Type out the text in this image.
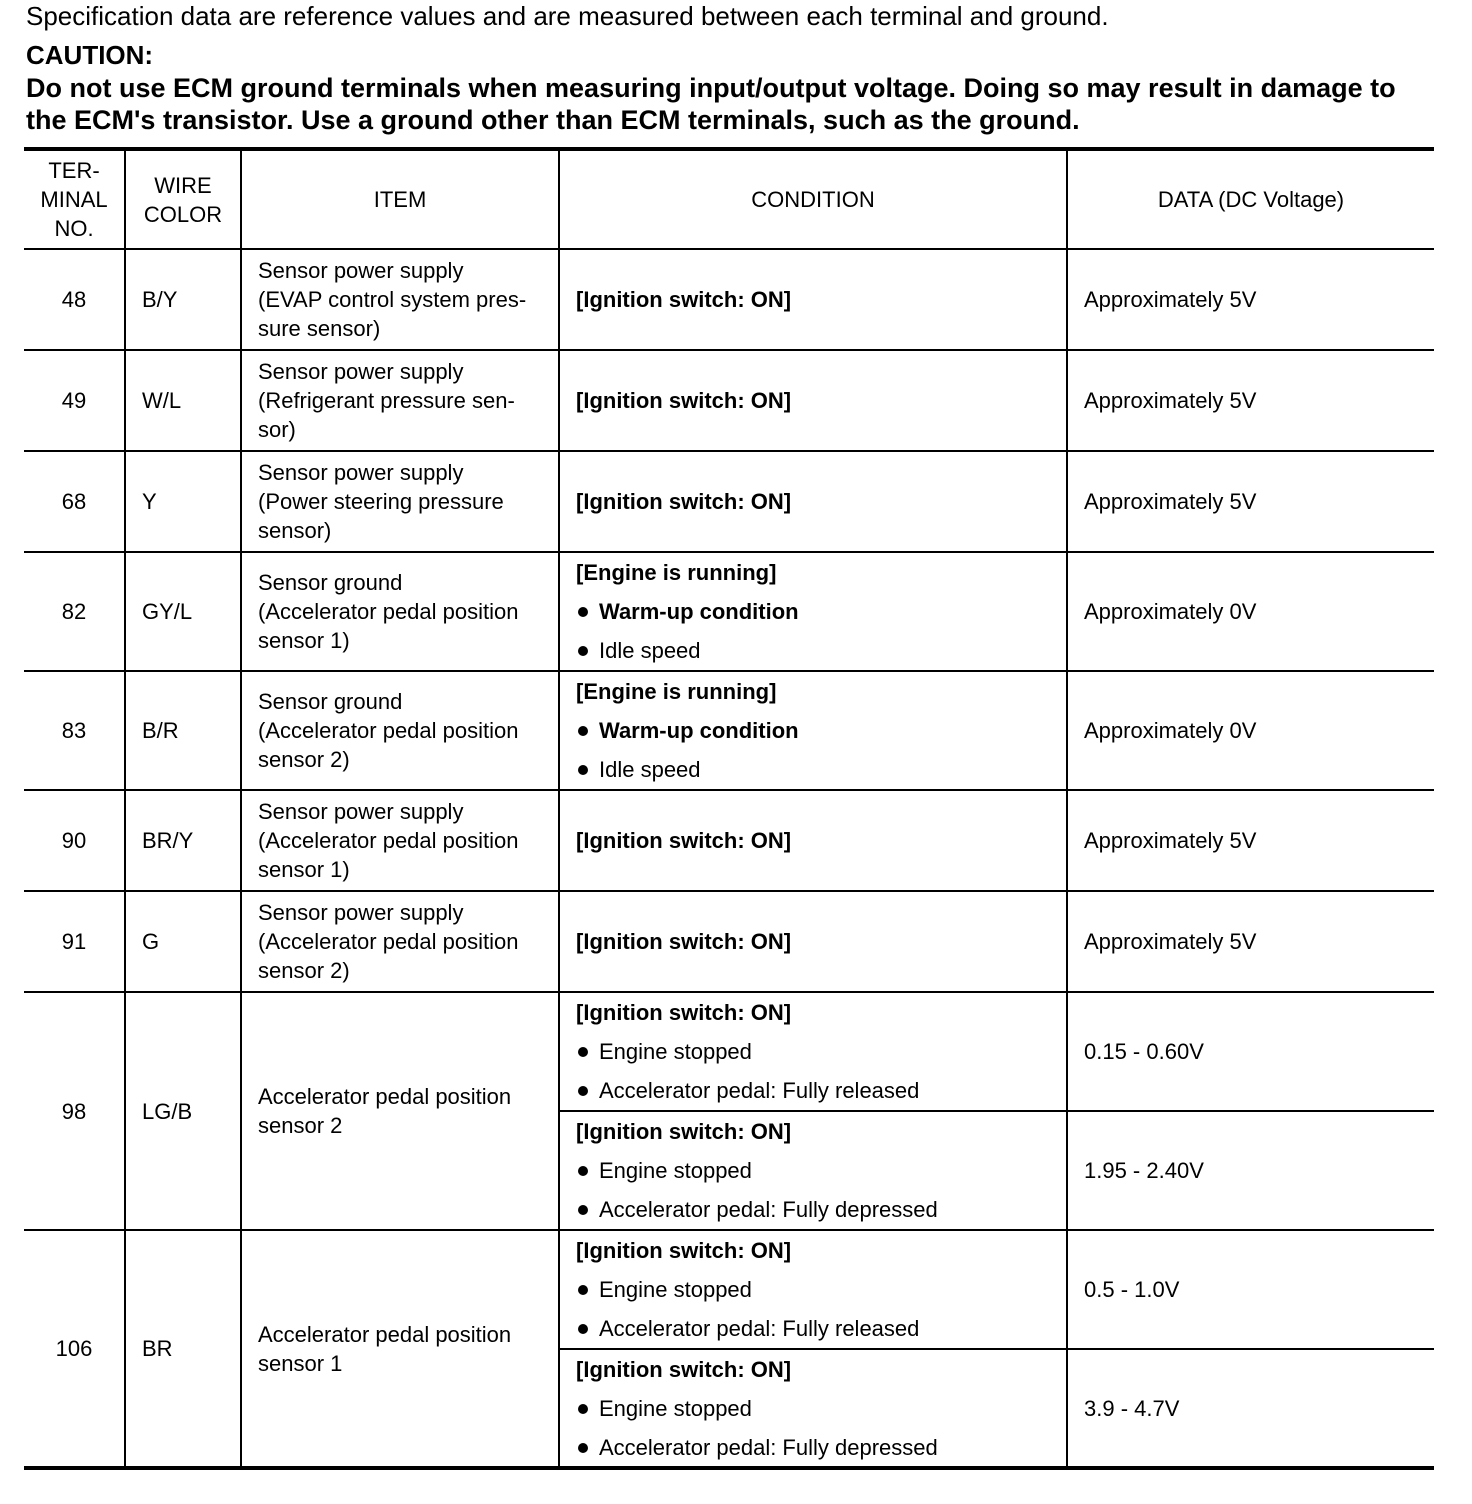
Specification data are reference values and are measured between each terminal and ground.
CAUTION:
Do not use ECM ground terminals when measuring input/output voltage. Doing so may result in damage to the ECM's transistor. Use a ground other than ECM terminals, such as the ground.
TER-
MINAL
NO.	WIRE
COLOR	ITEM	CONDITION	DATA (DC Voltage)
48	B/Y	Sensor power supply
(EVAP control system pres-
sure sensor)	[Ignition switch: ON]	Approximately 5V
49	W/L	Sensor power supply
(Refrigerant pressure sen-
sor)	[Ignition switch: ON]	Approximately 5V
68	Y	Sensor power supply
(Power steering pressure
sensor)	[Ignition switch: ON]	Approximately 5V
82	GY/L	Sensor ground
(Accelerator pedal position
sensor 1)	[Engine is running]
Warm-up condition
Idle speed	Approximately 0V
83	B/R	Sensor ground
(Accelerator pedal position
sensor 2)	[Engine is running]
Warm-up condition
Idle speed	Approximately 0V
90	BR/Y	Sensor power supply
(Accelerator pedal position
sensor 1)	[Ignition switch: ON]	Approximately 5V
91	G	Sensor power supply
(Accelerator pedal position
sensor 2)	[Ignition switch: ON]	Approximately 5V
98	LG/B	Accelerator pedal position
sensor 2	[Ignition switch: ON]
Engine stopped
Accelerator pedal: Fully released	0.15 - 0.60V
			[Ignition switch: ON]
Engine stopped
Accelerator pedal: Fully depressed	1.95 - 2.40V
106	BR	Accelerator pedal position
sensor 1	[Ignition switch: ON]
Engine stopped
Accelerator pedal: Fully released	0.5 - 1.0V
			[Ignition switch: ON]
Engine stopped
Accelerator pedal: Fully depressed	3.9 - 4.7V
